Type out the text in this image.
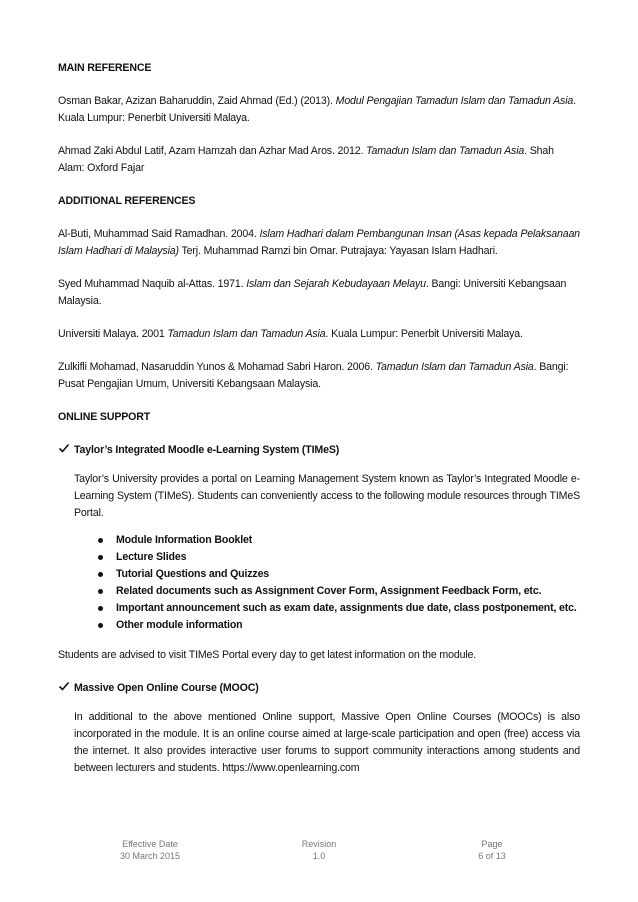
MAIN REFERENCE
Osman Bakar, Azizan Baharuddin, Zaid Ahmad (Ed.) (2013). Modul Pengajian Tamadun Islam dan Tamadun Asia. Kuala Lumpur: Penerbit Universiti Malaya.
Ahmad Zaki Abdul Latif, Azam Hamzah dan Azhar Mad Aros. 2012. Tamadun Islam dan Tamadun Asia. Shah Alam: Oxford Fajar
ADDITIONAL REFERENCES
Al-Buti, Muhammad Said Ramadhan. 2004. Islam Hadhari dalam Pembangunan Insan (Asas kepada Pelaksanaan Islam Hadhari di Malaysia) Terj. Muhammad Ramzi bin Omar. Putrajaya: Yayasan Islam Hadhari.
Syed Muhammad Naquib al-Attas. 1971. Islam dan Sejarah Kebudayaan Melayu. Bangi: Universiti Kebangsaan Malaysia.
Universiti Malaya. 2001 Tamadun Islam dan Tamadun Asia. Kuala Lumpur: Penerbit Universiti Malaya.
Zulkifli Mohamad, Nasaruddin Yunos & Mohamad Sabri Haron. 2006. Tamadun Islam dan Tamadun Asia. Bangi: Pusat Pengajian Umum, Universiti Kebangsaan Malaysia.
ONLINE SUPPORT
Taylor’s Integrated Moodle e-Learning System (TIMeS)
Taylor’s University provides a portal on Learning Management System known as Taylor’s Integrated Moodle e-Learning System (TIMeS). Students can conveniently access to the following module resources through TIMeS Portal.
Module Information Booklet
Lecture Slides
Tutorial Questions and Quizzes
Related documents such as Assignment Cover Form, Assignment Feedback Form, etc.
Important announcement such as exam date, assignments due date, class postponement, etc.
Other module information
Students are advised to visit TIMeS Portal every day to get latest information on the module.
Massive Open Online Course (MOOC)
In additional to the above mentioned Online support, Massive Open Online Courses (MOOCs) is also incorporated in the module. It is an online course aimed at large-scale participation and open (free) access via the internet. It also provides interactive user forums to support community interactions among students and between lecturers and students. https://www.openlearning.com
Effective Date
30 March 2015
Revision
1.0
Page
6 of 13
